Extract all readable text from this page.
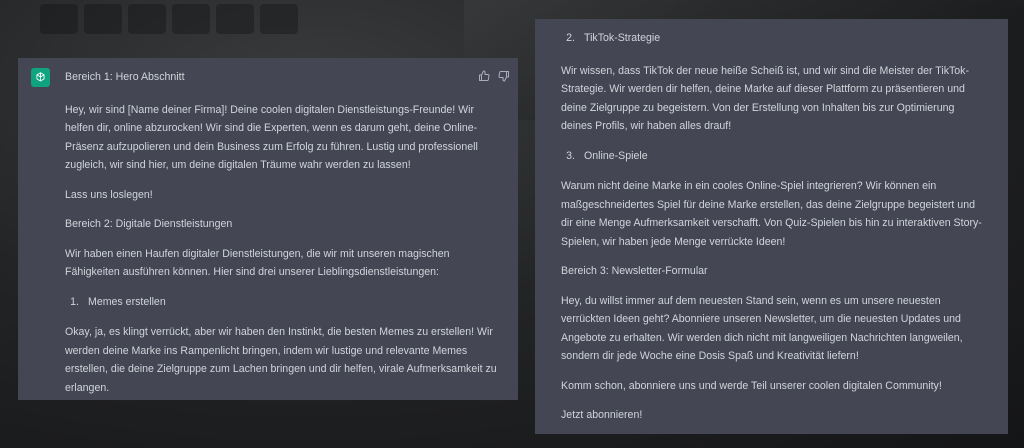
Bereich 1: Hero Abschnitt

Hey, wir sind [Name deiner Firma]! Deine coolen digitalen Dienstleistungs-Freunde! Wir helfen dir, online abzurocken! Wir sind die Experten, wenn es darum geht, deine Online-Präsenz aufzupolieren und dein Business zum Erfolg zu führen. Lustig und professionell zugleich, wir sind hier, um deine digitalen Träume wahr werden zu lassen!

Lass uns loslegen!

Bereich 2: Digitale Dienstleistungen

Wir haben einen Haufen digitaler Dienstleistungen, die wir mit unseren magischen Fähigkeiten ausführen können. Hier sind drei unserer Lieblingsdienstleistungen:

1. Memes erstellen

Okay, ja, es klingt verrückt, aber wir haben den Instinkt, die besten Memes zu erstellen! Wir werden deine Marke ins Rampenlicht bringen, indem wir lustige und relevante Memes erstellen, die deine Zielgruppe zum Lachen bringen und dir helfen, virale Aufmerksamkeit zu erlangen.

2. TikTok-Strategie

Wir wissen, dass TikTok der neue heiße Scheiß ist, und wir sind die Meister der TikTok-Strategie. Wir werden dir helfen, deine Marke auf dieser Plattform zu präsentieren und deine Zielgruppe zu begeistern. Von der Erstellung von Inhalten bis zur Optimierung deines Profils, wir haben alles drauf!

3. Online-Spiele

Warum nicht deine Marke in ein cooles Online-Spiel integrieren? Wir können ein maßgeschneidertes Spiel für deine Marke erstellen, das deine Zielgruppe begeistert und dir eine Menge Aufmerksamkeit verschafft. Von Quiz-Spielen bis hin zu interaktiven Story-Spielen, wir haben jede Menge verrückte Ideen!

Bereich 3: Newsletter-Formular

Hey, du willst immer auf dem neuesten Stand sein, wenn es um unsere neuesten verrückten Ideen geht? Abonniere unseren Newsletter, um die neuesten Updates und Angebote zu erhalten. Wir werden dich nicht mit langweiligen Nachrichten langweilen, sondern dir jede Woche eine Dosis Spaß und Kreativität liefern!

Komm schon, abonniere uns und werde Teil unserer coolen digitalen Community!

Jetzt abonnieren!
